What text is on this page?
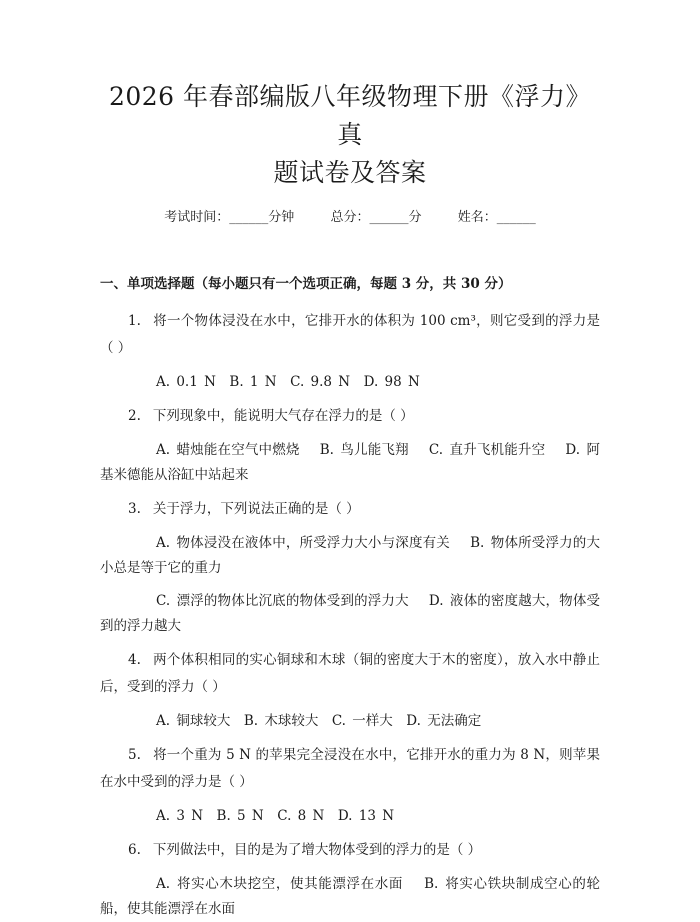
2026 年春部编版八年级物理下册《浮力》真
题试卷及答案
考试时间：______分钟	总分：______分	姓名：______
一、单项选择题（每小题只有一个选项正确，每题 3 分，共 30 分）
1. 将一个物体浸没在水中，它排开水的体积为 100 cm³，则它受到的浮力是（ ）
A. 0.1 N　B. 1 N　C. 9.8 N　D. 98 N
2. 下列现象中，能说明大气存在浮力的是（ ）
A. 蜡烛能在空气中燃烧　 B. 鸟儿能飞翔　 C. 直升飞机能升空　 D. 阿基米德能从浴缸中站起来
3. 关于浮力，下列说法正确的是（ ）
A. 物体浸没在液体中，所受浮力大小与深度有关　 B. 物体所受浮力的大小总是等于它的重力
C. 漂浮的物体比沉底的物体受到的浮力大　 D. 液体的密度越大，物体受到的浮力越大
4. 两个体积相同的实心铜球和木球（铜的密度大于木的密度），放入水中静止后，受到的浮力（ ）
A. 铜球较大　B. 木球较大　C. 一样大　D. 无法确定
5. 将一个重为 5 N 的苹果完全浸没在水中，它排开水的重力为 8 N，则苹果在水中受到的浮力是（ ）
A. 3 N　B. 5 N　C. 8 N　D. 13 N
6. 下列做法中，目的是为了增大物体受到的浮力的是（ ）
A. 将实心木块挖空，使其能漂浮在水面　 B. 将实心铁块制成空心的轮船，使其能漂浮在水面
